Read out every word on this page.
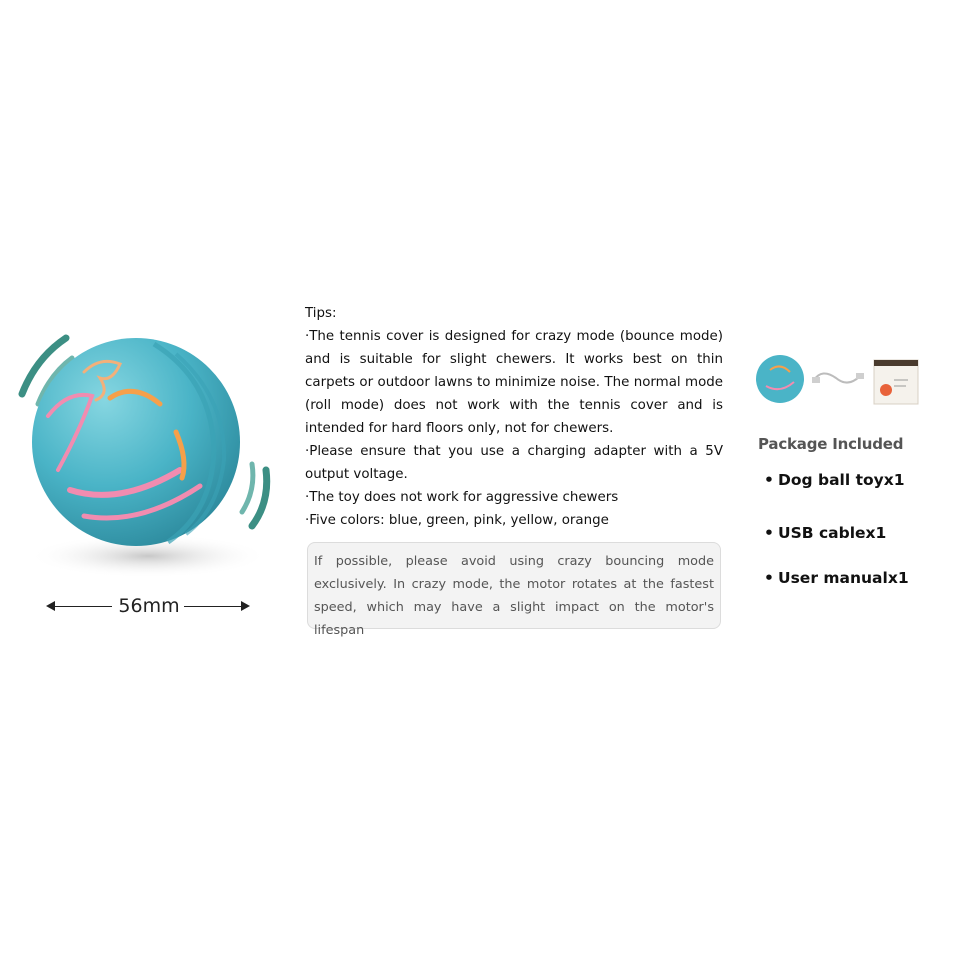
56mm
Tips:
·The tennis cover is designed for crazy mode (bounce mode) and is suitable for slight chewers. It works best on thin carpets or outdoor lawns to minimize noise. The normal mode (roll mode) does not work with the tennis cover and is intended for hard floors only, not for chewers.
·Please ensure that you use a charging adapter with a 5V output voltage.
·The toy does not work for aggressive chewers
·Five colors: blue, green, pink, yellow, orange

If possible, please avoid using crazy bouncing mode exclusively. In crazy mode, the motor rotates at the fastest speed, which may have a slight impact on the motor's lifespan

Package Included
• Dog ball toyx1
• USB cablex1
• User manualx1
